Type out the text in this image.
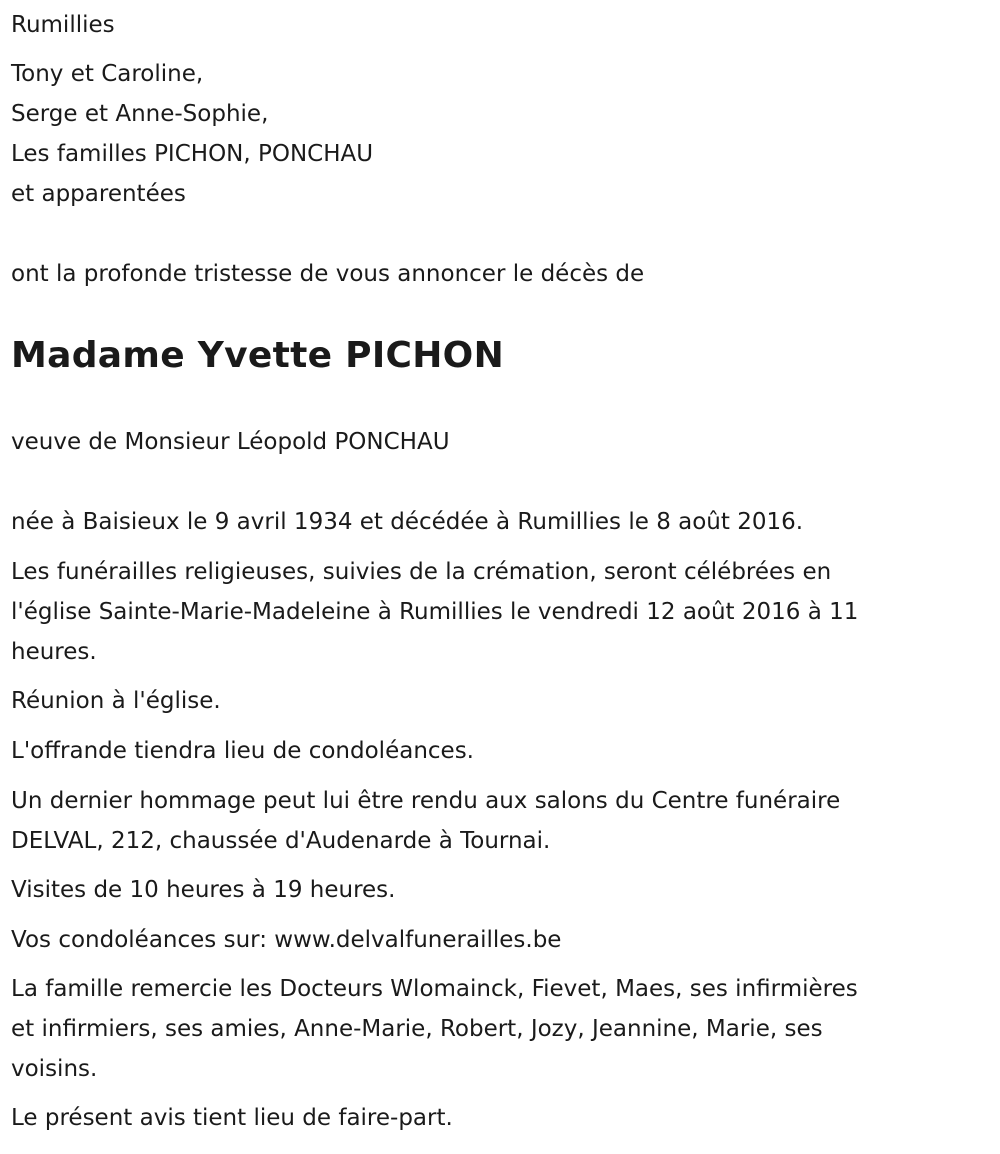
Rumillies

Tony et Caroline,

Serge et Anne-Sophie,

Les familles PICHON, PONCHAU

et apparentées

ont la profonde tristesse de vous annoncer le décès de

Madame Yvette PICHON

veuve de Monsieur Léopold PONCHAU

née à Baisieux le 9 avril 1934 et décédée à Rumillies le 8 août 2016.

Les funérailles religieuses, suivies de la crémation, seront célébrées en

l'église Sainte-Marie-Madeleine à Rumillies le vendredi 12 août 2016 à 11

heures.

Réunion à l'église.

L'offrande tiendra lieu de condoléances.

Un dernier hommage peut lui être rendu aux salons du Centre funéraire

DELVAL, 212, chaussée d'Audenarde à Tournai.

Visites de 10 heures à 19 heures.

Vos condoléances sur: www.delvalfunerailles.be

La famille remercie les Docteurs Wlomainck, Fievet, Maes, ses infirmières

et infirmiers, ses amies, Anne-Marie, Robert, Jozy, Jeannine, Marie, ses

voisins.

Le présent avis tient lieu de faire-part.
